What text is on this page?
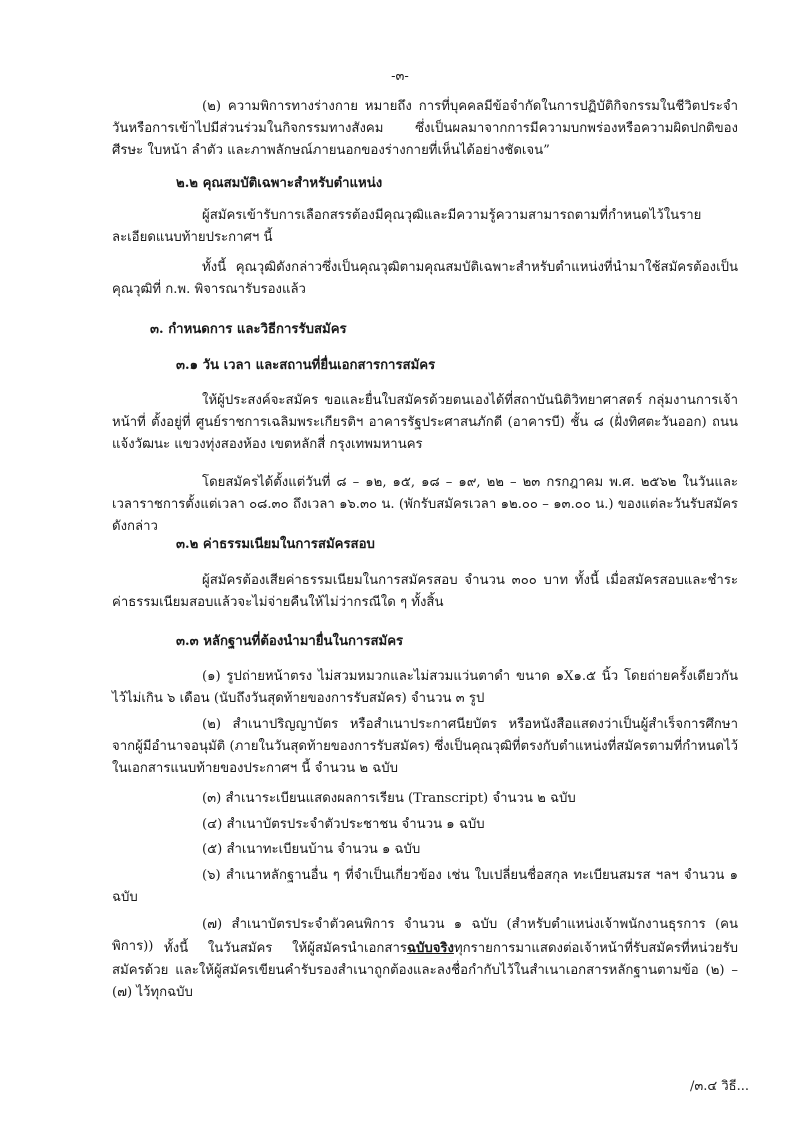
-๓-

(๒) ความพิการทางร่างกาย หมายถึง การที่บุคคลมีข้อจำกัดในการปฏิบัติกิจกรรมในชีวิตประจำวันหรือการเข้าไปมีส่วนร่วมในกิจกรรมทางสังคม ซึ่งเป็นผลมาจากการมีความบกพร่องหรือความผิดปกติของศีรษะ ใบหน้า ลำตัว และภาพลักษณ์ภายนอกของร่างกายที่เห็นได้อย่างชัดเจน”

๒.๒ คุณสมบัติเฉพาะสำหรับตำแหน่ง

ผู้สมัครเข้ารับการเลือกสรรต้องมีคุณวุฒิและมีความรู้ความสามารถตามที่กำหนดไว้ในรายละเอียดแนบท้ายประกาศฯ นี้

ทั้งนี้ คุณวุฒิดังกล่าวซึ่งเป็นคุณวุฒิตามคุณสมบัติเฉพาะสำหรับตำแหน่งที่นำมาใช้สมัครต้องเป็นคุณวุฒิที่ ก.พ. พิจารณารับรองแล้ว

๓. กำหนดการ และวิธีการรับสมัคร

๓.๑ วัน เวลา และสถานที่ยื่นเอกสารการสมัคร

ให้ผู้ประสงค์จะสมัคร ขอและยื่นใบสมัครด้วยตนเองได้ที่สถาบันนิติวิทยาศาสตร์ กลุ่มงานการเจ้าหน้าที่ ตั้งอยู่ที่ ศูนย์ราชการเฉลิมพระเกียรติฯ อาคารรัฐประศาสนภักดี (อาคารบี) ชั้น ๘ (ฝั่งทิศตะวันออก) ถนนแจ้งวัฒนะ แขวงทุ่งสองห้อง เขตหลักสี่ กรุงเทพมหานคร

โดยสมัครได้ตั้งแต่วันที่ ๘ – ๑๒, ๑๕, ๑๘ – ๑๙, ๒๒ – ๒๓ กรกฎาคม พ.ศ. ๒๕๖๒ ในวันและเวลาราชการตั้งแต่เวลา ๐๘.๓๐ ถึงเวลา ๑๖.๓๐ น. (พักรับสมัครเวลา ๑๒.๐๐ – ๑๓.๐๐ น.) ของแต่ละวันรับสมัครดังกล่าว

๓.๒ ค่าธรรมเนียมในการสมัครสอบ

ผู้สมัครต้องเสียค่าธรรมเนียมในการสมัครสอบ จำนวน ๓๐๐ บาท ทั้งนี้ เมื่อสมัครสอบและชำระค่าธรรมเนียมสอบแล้วจะไม่จ่ายคืนให้ไม่ว่ากรณีใด ๆ ทั้งสิ้น

๓.๓ หลักฐานที่ต้องนำมายื่นในการสมัคร

(๑) รูปถ่ายหน้าตรง ไม่สวมหมวกและไม่สวมแว่นตาดำ ขนาด ๑X๑.๕ นิ้ว โดยถ่ายครั้งเดียวกันไว้ไม่เกิน ๖ เดือน (นับถึงวันสุดท้ายของการรับสมัคร) จำนวน ๓ รูป

(๒) สำเนาปริญญาบัตร หรือสำเนาประกาศนียบัตร หรือหนังสือแสดงว่าเป็นผู้สำเร็จการศึกษาจากผู้มีอำนาจอนุมัติ (ภายในวันสุดท้ายของการรับสมัคร) ซึ่งเป็นคุณวุฒิที่ตรงกับตำแหน่งที่สมัครตามที่กำหนดไว้ในเอกสารแนบท้ายของประกาศฯ นี้ จำนวน ๒ ฉบับ

(๓) สำเนาระเบียนแสดงผลการเรียน (Transcript) จำนวน ๒ ฉบับ

(๔) สำเนาบัตรประจำตัวประชาชน จำนวน ๑ ฉบับ

(๕) สำเนาทะเบียนบ้าน จำนวน ๑ ฉบับ

(๖) สำเนาหลักฐานอื่น ๆ ที่จำเป็นเกี่ยวข้อง เช่น ใบเปลี่ยนชื่อสกุล ทะเบียนสมรส ฯลฯ จำนวน ๑ ฉบับ

(๗) สำเนาบัตรประจำตัวคนพิการ จำนวน ๑ ฉบับ (สำหรับตำแหน่งเจ้าพนักงานธุรการ (คนพิการ)) ทั้งนี้ ในวันสมัคร ให้ผู้สมัครนำเอกสารฉบับจริงทุกรายการมาแสดงต่อเจ้าหน้าที่รับสมัครที่หน่วยรับสมัครด้วย และให้ผู้สมัครเขียนคำรับรองสำเนาถูกต้องและลงชื่อกำกับไว้ในสำเนาเอกสารหลักฐานตามข้อ (๒) – (๗) ไว้ทุกฉบับ

/๓.๔ วิธี...
